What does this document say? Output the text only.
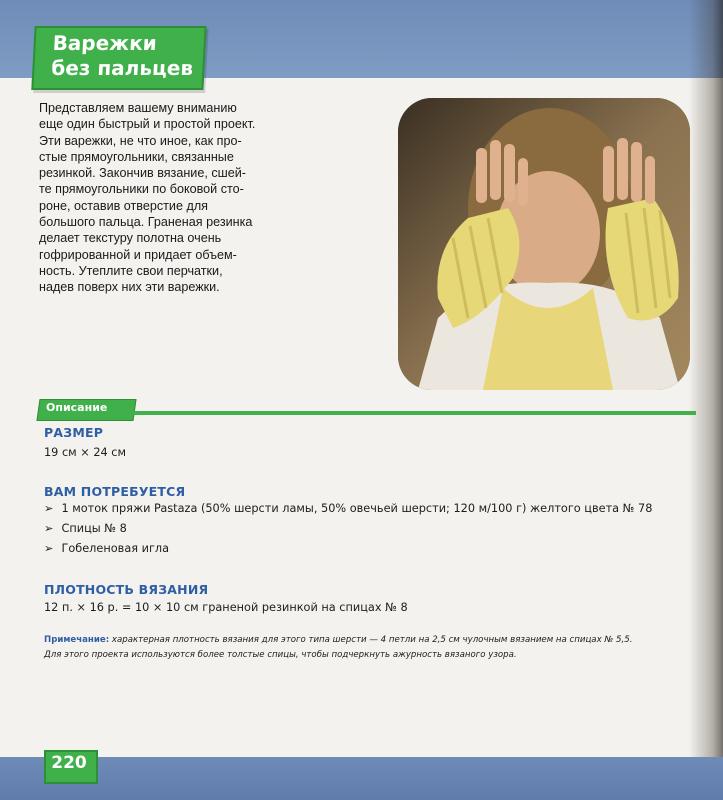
Варежки
без пальцев
Представляем вашему вниманию
еще один быстрый и простой проект.
Эти варежки, не что иное, как про-
стые прямоугольники, связанные
резинкой. Закончив вязание, сшей-
те прямоугольники по боковой сто-
роне, оставив отверстие для
большого пальца. Граненая резинка
делает текстуру полотна очень
гофрированной и придает объем-
ность. Утеплите свои перчатки,
надев поверх них эти варежки.
Описание
РАЗМЕР
19 см × 24 см
ВАМ ПОТРЕБУЕТСЯ
➢ 1 моток пряжи Pastaza (50% шерсти ламы, 50% овечьей шерсти; 120 м/100 г) желтого цвета № 78
➢ Спицы № 8
➢ Гобеленовая игла
ПЛОТНОСТЬ ВЯЗАНИЯ
12 п. × 16 р. = 10 × 10 см граненой резинкой на спицах № 8
Примечание: характерная плотность вязания для этого типа шерсти — 4 петли на 2,5 см чулочным вязанием на спицах № 5,5.
Для этого проекта используются более толстые спицы, чтобы подчеркнуть ажурность вязаного узора.
220
